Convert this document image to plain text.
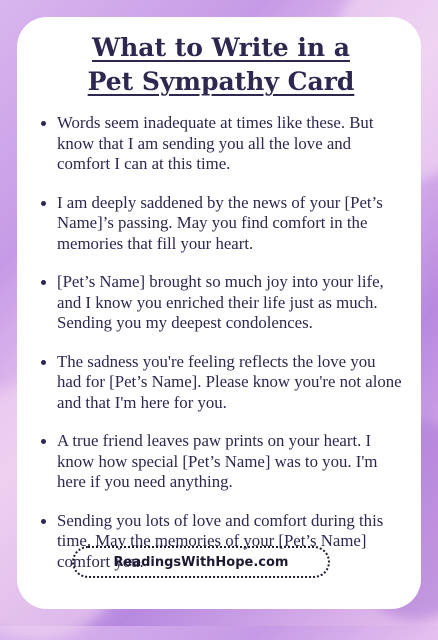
What to Write in a
Pet Sympathy Card
Words seem inadequate at times like these. But know that I am sending you all the love and comfort I can at this time.
I am deeply saddened by the news of your [Pet’s Name]’s passing. May you find comfort in the memories that fill your heart.
[Pet’s Name] brought so much joy into your life, and I know you enriched their life just as much. Sending you my deepest condolences.
The sadness you're feeling reflects the love you had for [Pet’s Name]. Please know you're not alone and that I'm here for you.
A true friend leaves paw prints on your heart. I know how special [Pet’s Name] was to you. I'm here if you need anything.
Sending you lots of love and comfort during this time. May the memories of your [Pet’s Name] comfort you.
ReadingsWithHope.com
